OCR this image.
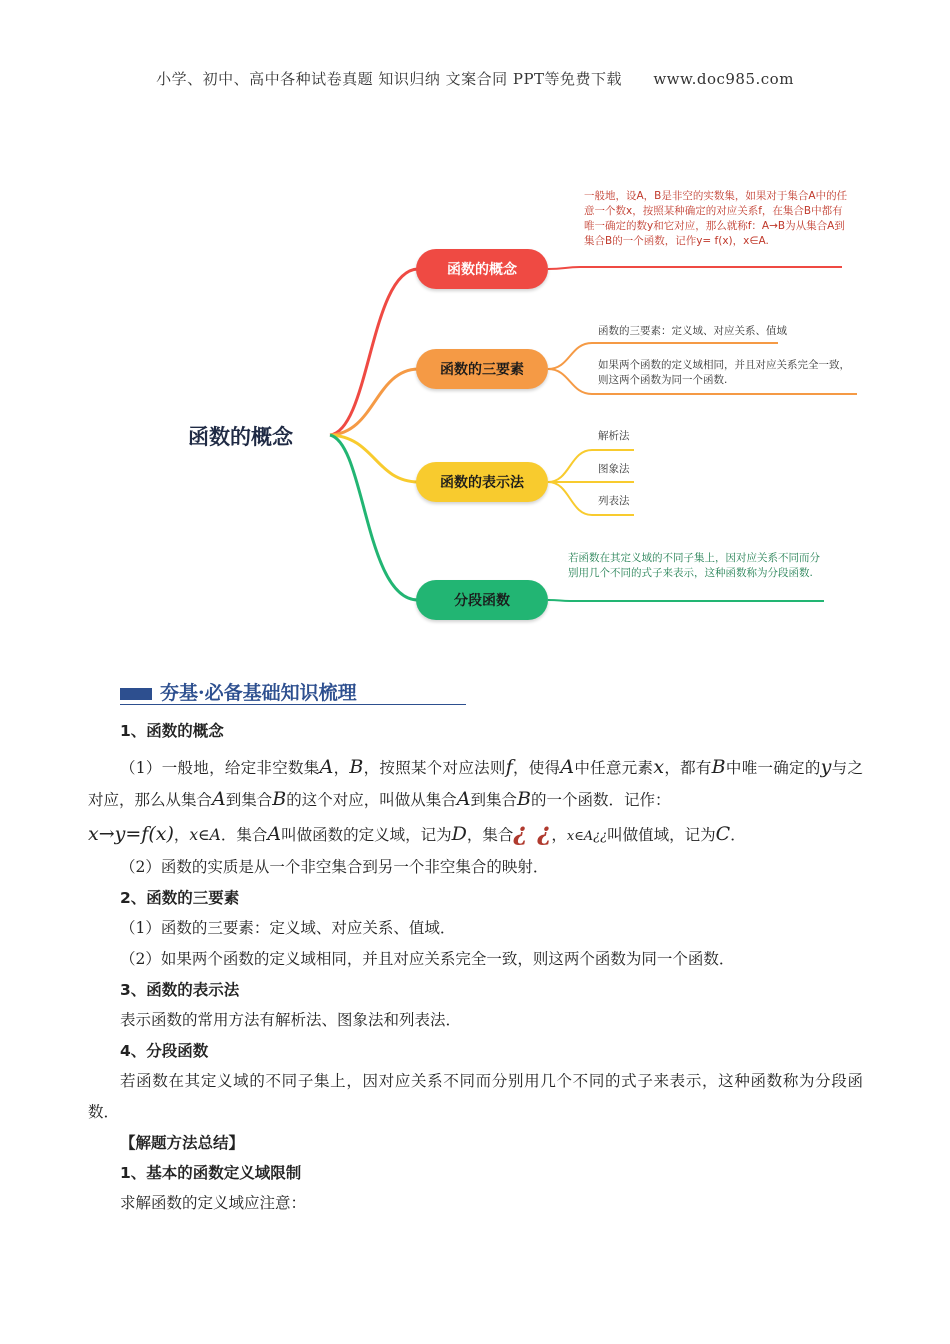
小学、初中、高中各种试卷真题 知识归纳 文案合同 PPT等免费下载 www.doc985.com
函数的概念
函数的概念
函数的三要素
函数的表示法
分段函数
一般地，设A，B是非空的实数集，如果对于集合A中的任意一个数x，按照某种确定的对应关系f，在集合B中都有唯一确定的数y和它对应，那么就称f：A→B为从集合A到集合B的一个函数，记作y= f(x)，x∈A.
函数的三要素：定义域、对应关系、值域
如果两个函数的定义域相同，并且对应关系完全一致，则这两个函数为同一个函数.
解析法
图象法
列表法
若函数在其定义域的不同子集上，因对应关系不同而分别用几个不同的式子来表示，这种函数称为分段函数.
夯基·必备基础知识梳理
1、函数的概念

（1）一般地，给定非空数集A，B，按照某个对应法则f，使得A中任意元素x，都有B中唯一确定的y与之对应，那么从集合A到集合B的这个对应，叫做从集合A到集合B的一个函数．记作：

x→y=f(x)，x∈A．集合A叫做函数的定义域，记为D，集合¿ ¿，x∈A¿¿叫做值域，记为C．

（2）函数的实质是从一个非空集合到另一个非空集合的映射．

2、函数的三要素

（1）函数的三要素：定义域、对应关系、值域．

（2）如果两个函数的定义域相同，并且对应关系完全一致，则这两个函数为同一个函数．

3、函数的表示法

表示函数的常用方法有解析法、图象法和列表法．

4、分段函数

若函数在其定义域的不同子集上，因对应关系不同而分别用几个不同的式子来表示，这种函数称为分段函数．

【解题方法总结】
1、基本的函数定义域限制

求解函数的定义域应注意：
